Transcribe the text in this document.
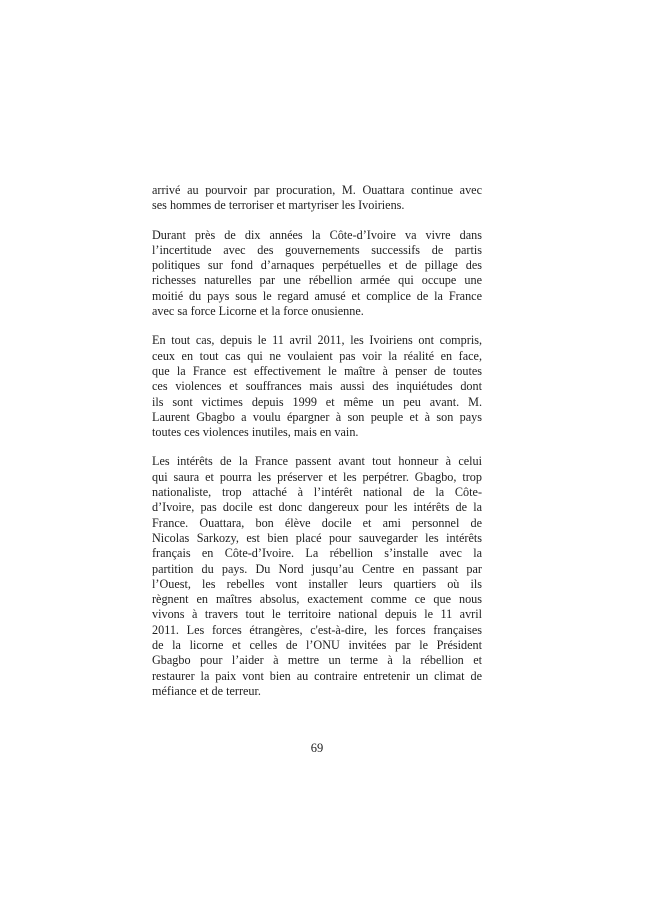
arrivé au pourvoir par procuration, M. Ouattara continue avec
ses hommes de terroriser et martyriser les Ivoiriens.

Durant près de dix années la Côte-d’Ivoire va vivre dans
l’incertitude avec des gouvernements successifs de partis
politiques sur fond d’arnaques perpétuelles et de pillage des
richesses naturelles par une rébellion armée qui occupe une
moitié du pays sous le regard amusé et complice de la France
avec sa force Licorne et la force onusienne.

En tout cas, depuis le 11 avril 2011, les Ivoiriens ont compris,
ceux en tout cas qui ne voulaient pas voir la réalité en face,
que la France est effectivement le maître à penser de toutes
ces violences et souffrances mais aussi des inquiétudes dont
ils sont victimes depuis 1999 et même un peu avant. M.
Laurent Gbagbo a voulu épargner à son peuple et à son pays
toutes ces violences inutiles, mais en vain.

Les intérêts de la France passent avant tout honneur à celui
qui saura et pourra les préserver et les perpétrer. Gbagbo, trop
nationaliste, trop attaché à l’intérêt national de la Côte-
d’Ivoire, pas docile est donc dangereux pour les intérêts de la
France. Ouattara, bon élève docile et ami personnel de
Nicolas Sarkozy, est bien placé pour sauvegarder les intérêts
français en Côte-d’Ivoire. La rébellion s’installe avec la
partition du pays. Du Nord jusqu’au Centre en passant par
l’Ouest, les rebelles vont installer leurs quartiers où ils
règnent en maîtres absolus, exactement comme ce que nous
vivons à travers tout le territoire national depuis le 11 avril
2011. Les forces étrangères, c'est-à-dire, les forces françaises
de la licorne et celles de l’ONU invitées par le Président
Gbagbo pour l’aider à mettre un terme à la rébellion et
restaurer la paix vont bien au contraire entretenir un climat de
méfiance et de terreur.

69
